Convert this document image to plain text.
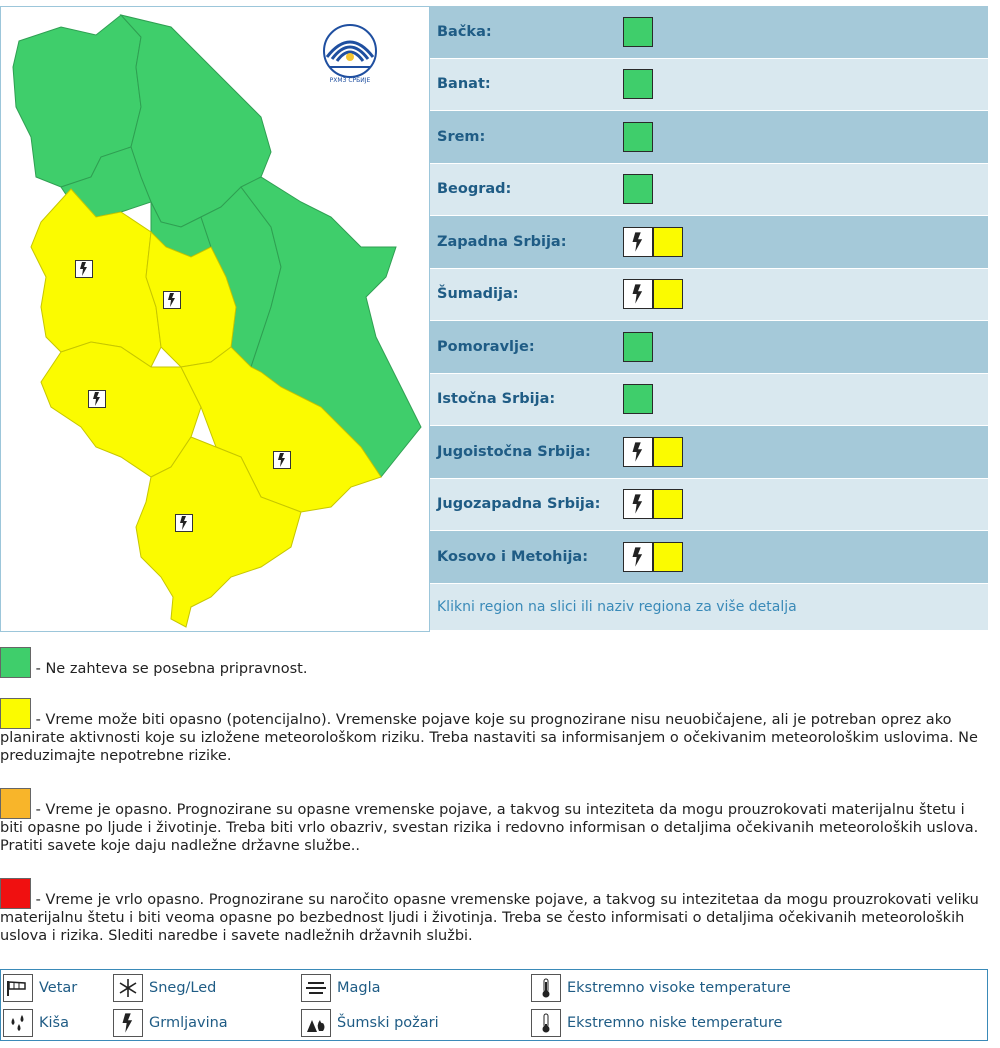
РХМЗ СРБИЈЕ
Bačka:
Banat:
Srem:
Beograd:
Zapadna Srbija:
Šumadija:
Pomoravlje:
Istočna Srbija:
Jugoistočna Srbija:
Jugozapadna Srbija:
Kosovo i Metohija:
Klikni region na slici ili naziv regiona za više detalja
- Ne zahteva se posebna pripravnost.
- Vreme može biti opasno (potencijalno). Vremenske pojave koje su prognozirane nisu neuobičajene, ali je potreban oprez ako planirate aktivnosti koje su izložene meteorološkom riziku. Treba nastaviti sa informisanjem o očekivanim meteorološkim uslovima. Ne preduzimajte nepotrebne rizike.
- Vreme je opasno. Prognozirane su opasne vremenske pojave, a takvog su inteziteta da mogu prouzrokovati materijalnu štetu i biti opasne po ljude i životinje. Treba biti vrlo obazriv, svestan rizika i redovno informisan o detaljima očekivanih meteoroloških uslova. Pratiti savete koje daju nadležne državne službe..
- Vreme je vrlo opasno. Prognozirane su naročito opasne vremenske pojave, a takvog su intezitetaa da mogu prouzrokovati veliku materijalnu štetu i biti veoma opasne po bezbednost ljudi i životinja. Treba se često informisati o detaljima očekivanih meteoroloških uslova i rizika. Slediti naredbe i savete nadležnih državnih službi.
Vetar	Sneg/Led	Magla	Ekstremno visoke temperature
Kiša	Grmljavina	Šumski požari	Ekstremno niske temperature
